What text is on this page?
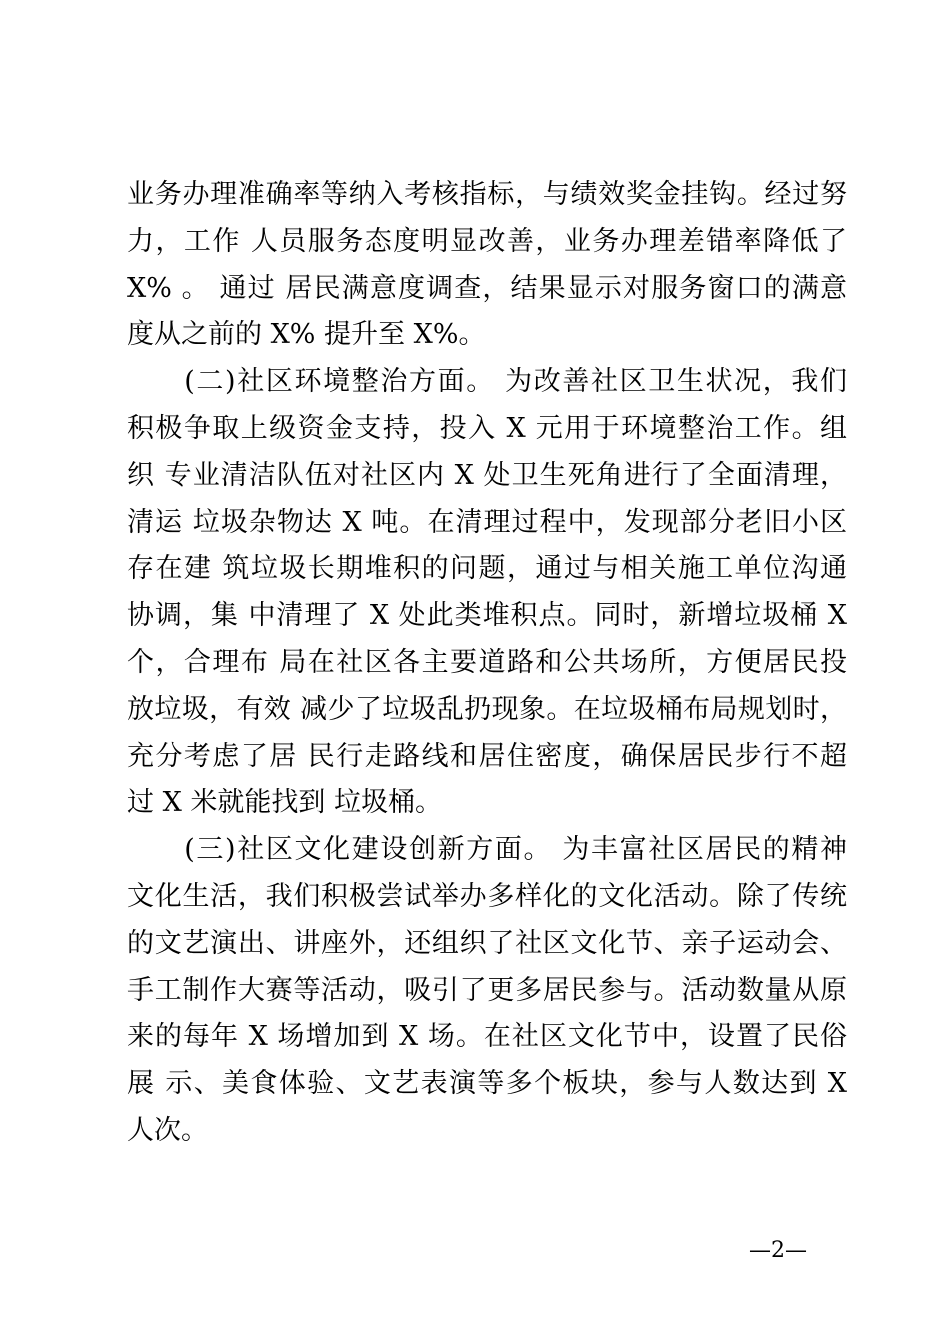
业务办理准确率等纳入考核指标，与绩效奖金挂钩。经过努
力，工作 人员服务态度明显改善，业务办理差错率降低了
X% 。 通过 居民满意度调查，结果显示对服务窗口的满意
度从之前的 X% 提升至 X%。
　　(二)社区环境整治方面。 为改善社区卫生状况，我们
积极争取上级资金支持，投入 X 元用于环境整治工作。组
织 专业清洁队伍对社区内 X 处卫生死角进行了全面清理，
清运 垃圾杂物达 X 吨。在清理过程中，发现部分老旧小区
存在建 筑垃圾长期堆积的问题，通过与相关施工单位沟通
协调，集 中清理了 X 处此类堆积点。同时，新增垃圾桶 X
个，合理布 局在社区各主要道路和公共场所，方便居民投
放垃圾，有效 减少了垃圾乱扔现象。在垃圾桶布局规划时，
充分考虑了居 民行走路线和居住密度，确保居民步行不超
过 X 米就能找到 垃圾桶。
　　(三)社区文化建设创新方面。 为丰富社区居民的精神
文化生活，我们积极尝试举办多样化的文化活动。除了传统
的文艺演出、讲座外，还组织了社区文化节、亲子运动会、
手工制作大赛等活动，吸引了更多居民参与。活动数量从原
来的每年 X 场增加到 X 场。在社区文化节中，设置了民俗
展 示、美食体验、文艺表演等多个板块，参与人数达到 X
人次。
—2—
